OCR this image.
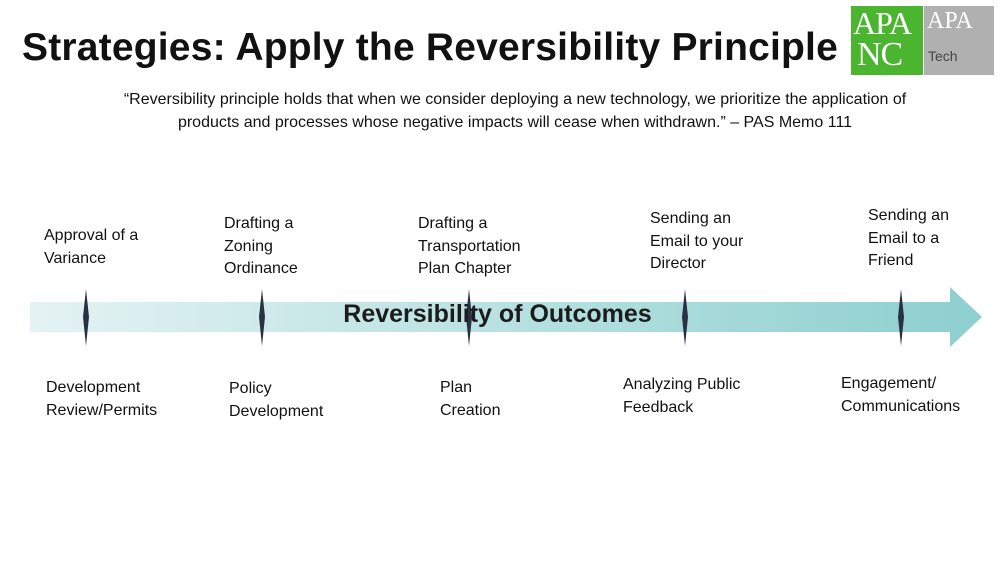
Strategies: Apply the Reversibility Principle
APA
NC
APA
Tech
“Reversibility principle holds that when we consider deploying a new technology, we prioritize the application of
products and processes whose negative impacts will cease when withdrawn.” – PAS Memo 111
Reversibility of Outcomes
Approval of a
Variance
Drafting a
Zoning
Ordinance
Drafting a
Transportation
Plan Chapter
Sending an
Email to your
Director
Sending an
Email to a
Friend
Development
Review/Permits
Policy
Development
Plan
Creation
Analyzing Public
Feedback
Engagement/
Communications
